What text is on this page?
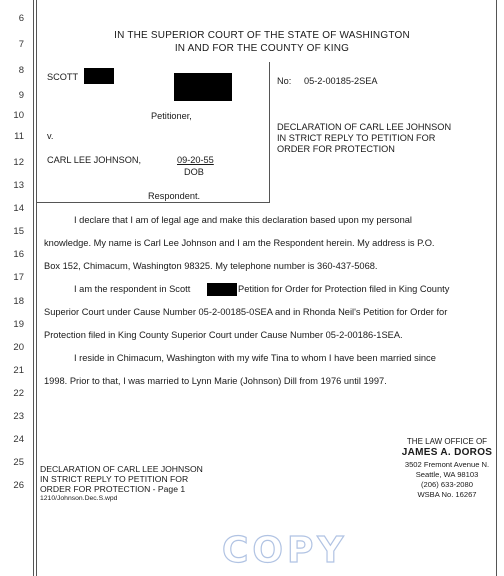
6
7
8
9
10
11
12
13
14
15
16
17
18
19
20
21
22
23
24
25
26
IN THE SUPERIOR COURT OF THE STATE OF WASHINGTON
IN AND FOR THE COUNTY OF KING
SCOTT
Petitioner,
v.
CARL LEE JOHNSON,	09-20-55
DOB
Respondent.
No: 05-2-00185-2SEA
DECLARATION OF CARL LEE JOHNSON
IN STRICT REPLY TO PETITION FOR
ORDER FOR PROTECTION
I declare that I am of legal age and make this declaration based upon my personal
knowledge. My name is Carl Lee Johnson and I am the Respondent herein. My address is P.O.
Box 152, Chimacum, Washington 98325. My telephone number is 360-437-5068.
I am the respondent in Scott	Petition for Order for Protection filed in King County
Superior Court under Cause Number 05-2-00185-0SEA and in Rhonda Neil's Petition for Order for
Protection filed in King County Superior Court under Cause Number 05-2-00186-1SEA.
I reside in Chimacum, Washington with my wife Tina to whom I have been married since
1998. Prior to that, I was married to Lynn Marie (Johnson) Dill from 1976 until 1997.
DECLARATION OF CARL LEE JOHNSON
IN STRICT REPLY TO PETITION FOR
ORDER FOR PROTECTION - Page 1
1210/Johnson.Dec.S.wpd
THE LAW OFFICE OF
JAMES A. DOROS
3502 Fremont Avenue N.
Seattle, WA 98103
(206) 633-2080
WSBA No. 16267
COPY
